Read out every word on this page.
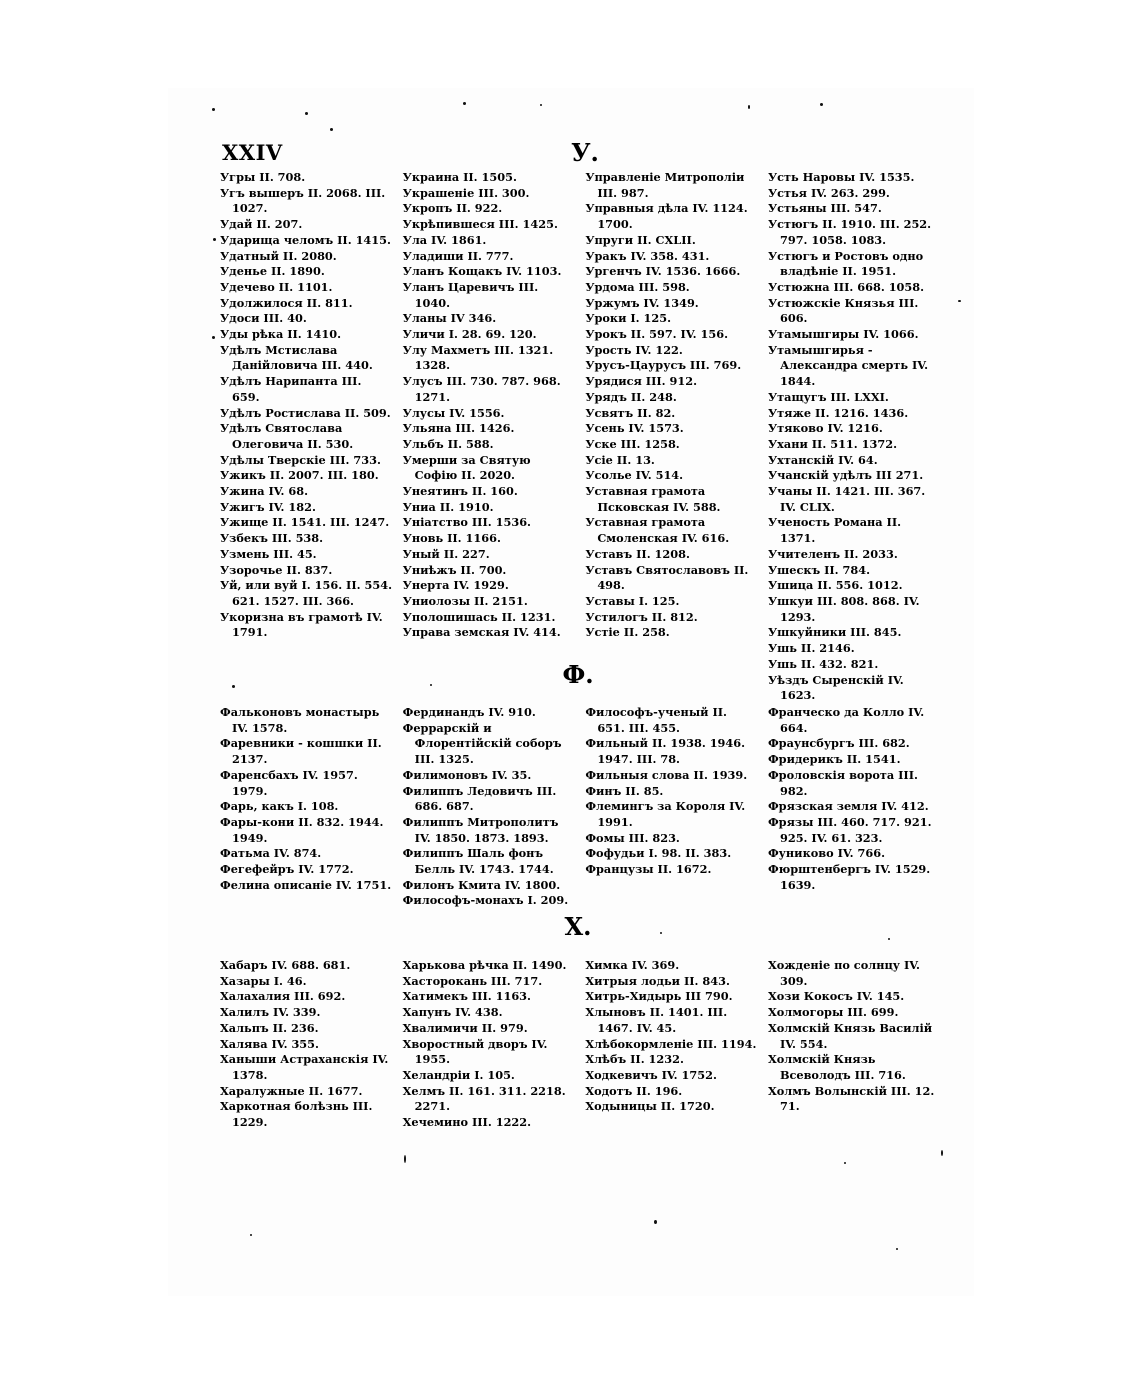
XXIV	У.
Угры II. 708.
Угъ вышеръ II. 2068. III. 1027.
Удай II. 207.
Ударища челомъ II. 1415.
Удатный II. 2080.
Уденье II. 1890.
Удечево II. 1101.
Удолжилося II. 811.
Удоси III. 40.
Уды рѣка II. 1410.
Удѣлъ Мстислава Данiйловича III. 440.
Удѣлъ Нарипанта III. 659.
Удѣлъ Ростислава II. 509.
Удѣлъ Святослава Олеговича II. 530.
Удѣлы Тверскiе III. 733.
Ужикъ II. 2007. III. 180.
Ужина IV. 68.
Ужигъ IV. 182.
Ужище II. 1541. III. 1247.
Узбекъ III. 538.
Узмень III. 45.
Узорочье II. 837.
Уй, или вуй I. 156. II. 554. 621. 1527. III. 366.
Укоризна въ грамотѣ IV. 1791.
Украина II. 1505.
Украшенiе III. 300.
Укропъ II. 922.
Укрѣпившеся III. 1425.
Ула IV. 1861.
Уладиши II. 777.
Уланъ Кощакъ IV. 1103.
Уланъ Царевичъ III. 1040.
Уланы IV 346.
Уличи I. 28. 69. 120.
Улу Махметъ III. 1321. 1328.
Улусъ III. 730. 787. 968. 1271.
Улусы IV. 1556.
Ульяна III. 1426.
Ульбъ II. 588.
Умерши за Святую Софiю II. 2020.
Унеятинъ II. 160.
Униа II. 1910.
Унiатство III. 1536.
Уновь II. 1166.
Уный II. 227.
Униѣжъ II. 700.
Унерта IV. 1929.
Униолозы II. 2151.
Уполошишась II. 1231.
Управа земская IV. 414.
Управленiе Митрополiи III. 987.
Управныя дѣла IV. 1124. 1700.
Упруги II. CXLII.
Уракъ IV. 358. 431.
Ургенчъ IV. 1536. 1666.
Урдома III. 598.
Уржумъ IV. 1349.
Уроки I. 125.
Урокъ II. 597. IV. 156.
Урость IV. 122.
Урусъ-Цаурусъ III. 769.
Урядися III. 912.
Урядъ II. 248.
Усвятъ II. 82.
Усень IV. 1573.
Уске III. 1258.
Усiе II. 13.
Усолье IV. 514.
Уставная грамота Псковская IV. 588.
Уставная грамота Смоленская IV. 616.
Уставъ II. 1208.
Уставъ Святославовъ II. 498.
Уставы I. 125.
Устилогъ II. 812.
Устiе II. 258.
Усть Наровы IV. 1535.
Устья IV. 263. 299.
Устьяны III. 547.
Устюгъ II. 1910. III. 252. 797. 1058. 1083.
Устюгъ и Ростовъ одно владѣнiе II. 1951.
Устюжна III. 668. 1058.
Устюжскiе Князья III. 606.
Утамышгиры IV. 1066.
Утамышгирья - Александра смерть IV. 1844.
Утащугъ III. LXXI.
Утяже II. 1216. 1436.
Утяково IV. 1216.
Ухани II. 511. 1372.
Ухтанскiй IV. 64.
Учанскiй удѣлъ III 271.
Учаны II. 1421. III. 367. IV. CLIX.
Ученость Романа II. 1371.
Учителенъ II. 2033.
Ушескъ II. 784.
Ушица II. 556. 1012.
Ушкуи III. 808. 868. IV. 1293.
Ушкуйники III. 845.
Ушь II. 2146.
Ушь II. 432. 821.
Уѣздъ Сыренскiй IV. 1623.
Ф.
Фальконовъ монастырь IV. 1578.
Фаревники - кошшки II. 2137.
Фаренсбахъ IV. 1957. 1979.
Фарь, какъ I. 108.
Фары-кони II. 832. 1944. 1949.
Фатьма IV. 874.
Фегефейръ IV. 1772.
Фелина описанiе IV. 1751.
Фердинандъ IV. 910.
Феррарскiй и Флорентiйскiй соборъ III. 1325.
Филимоновъ IV. 35.
Филиппъ Ледовичъ III. 686. 687.
Филиппъ Митрополитъ IV. 1850. 1873. 1893.
Филиппъ Шаль фонъ Белль IV. 1743. 1744.
Филонъ Кмита IV. 1800.
Философъ-монахъ I. 209.
Философъ-ученый II. 651. III. 455.
Фильный II. 1938. 1946. 1947. III. 78.
Фильныя слова II. 1939.
Финъ II. 85.
Флемингъ за Короля IV. 1991.
Фомы III. 823.
Фофудьи I. 98. II. 383.
Французы II. 1672.
Франческо да Колло IV. 664.
Фраунсбургъ III. 682.
Фридерикъ II. 1541.
Фроловскiя ворота III. 982.
Фрязская земля IV. 412.
Фрязы III. 460. 717. 921. 925. IV. 61. 323.
Фуниково IV. 766.
Фюрштенбергъ IV. 1529. 1639.
Х.
Хабаръ IV. 688. 681.
Хазары I. 46.
Халахалия III. 692.
Халилъ IV. 339.
Хальпъ II. 236.
Халява IV. 355.
Ханыши Астраханскiя IV. 1378.
Харалужные II. 1677.
Харкотная болѣзнь III. 1229.
Харькова рѣчка II. 1490.
Хасторокань III. 717.
Хатимекъ III. 1163.
Хапунъ IV. 438.
Хвалимичи II. 979.
Хворостный дворъ IV. 1955.
Хеландрiи I. 105.
Хелмъ II. 161. 311. 2218. 2271.
Хечемино III. 1222.
Химка IV. 369.
Хитрыя лодьи II. 843.
Хитрь-Хидырь III 790.
Хлыновъ II. 1401. III. 1467. IV. 45.
Хлѣбокормленiе III. 1194.
Хлѣбъ II. 1232.
Ходкевичъ IV. 1752.
Ходотъ II. 196.
Ходыницы II. 1720.
Хожденiе по солнцу IV. 309.
Хози Кокосъ IV. 145.
Холмогоры III. 699.
Холмскiй Князь Василiй IV. 554.
Холмскiй Князь Всеволодъ III. 716.
Холмъ Волынскiй III. 12. 71.
